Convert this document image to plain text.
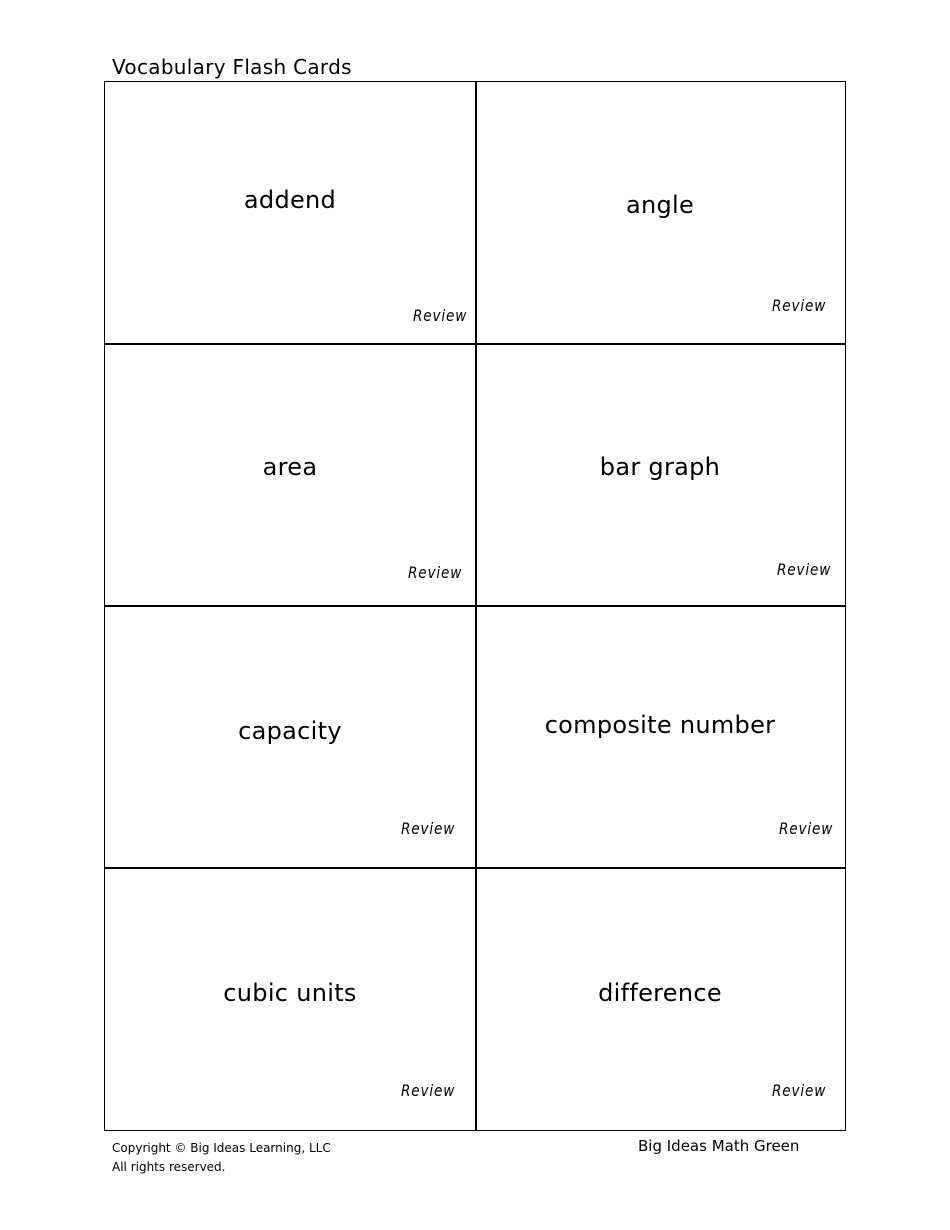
Vocabulary Flash Cards
addend
Review
angle
Review
area
Review
bar graph
Review
capacity
Review
composite number
Review
cubic units
Review
difference
Review
Copyright © Big Ideas Learning, LLC
All rights reserved.
Big Ideas Math Green
